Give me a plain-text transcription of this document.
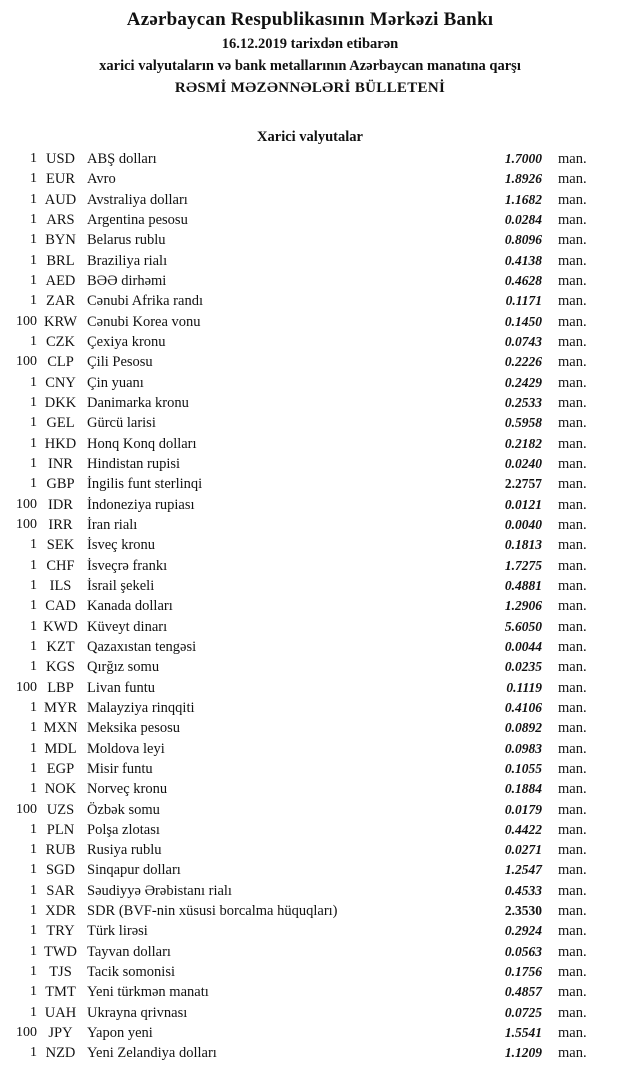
Azərbaycan Respublikasının Mərkəzi Bankı
16.12.2019 tarixdən etibarən
xarici valyutaların və bank metallarının Azərbaycan manatına qarşı
RƏSMİ MƏZƏNNƏLƏRİ BÜLLETENİ
Xarici valyutalar
1 USD ABŞ dolları	1.7000	man.
1 EUR Avro	1.8926	man.
1 AUD Avstraliya dolları	1.1682	man.
1 ARS Argentina pesosu	0.0284	man.
1 BYN Belarus rublu	0.8096	man.
1 BRL Braziliya rialı	0.4138	man.
1 AED BƏƏ dirhəmi	0.4628	man.
1 ZAR Cənubi Afrika randı	0.1171	man.
100 KRW Cənubi Korea vonu	0.1450	man.
1 CZK Çexiya kronu	0.0743	man.
100 CLP Çili Pesosu	0.2226	man.
1 CNY Çin yuanı	0.2429	man.
1 DKK Danimarka kronu	0.2533	man.
1 GEL Gürcü larisi	0.5958	man.
1 HKD Honq Konq dolları	0.2182	man.
1 INR Hindistan rupisi	0.0240	man.
1 GBP İngilis funt sterlinqi	2.2757	man.
100 IDR İndoneziya rupiası	0.0121	man.
100 IRR İran rialı	0.0040	man.
1 SEK İsveç kronu	0.1813	man.
1 CHF İsveçrə frankı	1.7275	man.
1 ILS	İsrail şekeli	0.4881	man.
1 CAD Kanada dolları	1.2906	man.
1 KWD Küveyt dinarı	5.6050	man.
1 KZT Qazaxıstan tengəsi	0.0044	man.
1 KGS Qırğız somu	0.0235	man.
100 LBP Livan funtu	0.1119	man.
1 MYR Malayziya rinqqiti	0.4106	man.
1 MXN Meksika pesosu	0.0892	man.
1 MDL Moldova leyi	0.0983	man.
1 EGP Misir funtu	0.1055	man.
1 NOK Norveç kronu	0.1884	man.
100 UZS Özbək somu	0.0179	man.
1 PLN Polşa zlotası	0.4422	man.
1 RUB Rusiya rublu	0.0271	man.
1 SGD Sinqapur dolları	1.2547	man.
1 SAR Səudiyyə Ərəbistanı rialı	0.4533	man.
1 XDR SDR (BVF-nin xüsusi borcalma hüquqları)	2.3530	man.
1 TRY Türk lirəsi	0.2924	man.
1 TWD Tayvan dolları	0.0563	man.
1 TJS	Tacik somonisi	0.1756	man.
1 TMT Yeni türkmən manatı	0.4857	man.
1 UAH Ukrayna qrivnası	0.0725	man.
100 JPY Yapon yeni	1.5541	man.
1 NZD Yeni Zelandiya dolları	1.1209	man.
